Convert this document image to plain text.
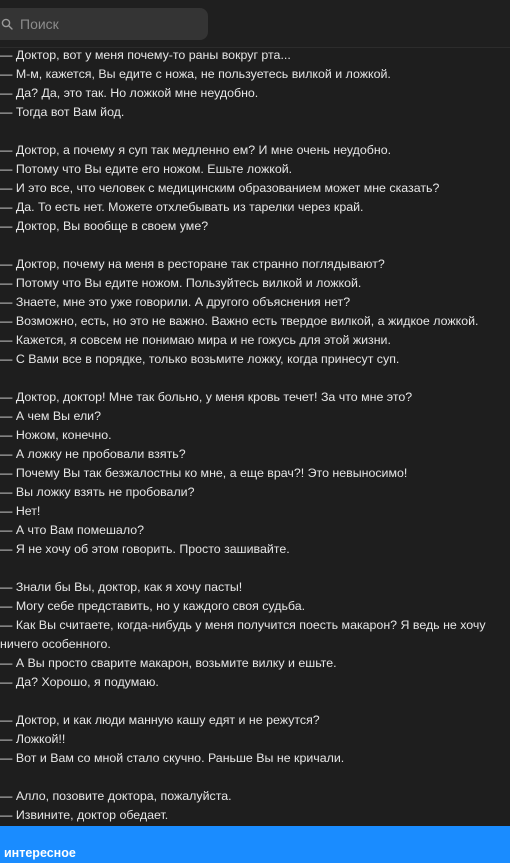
Поиск
— Доктор, вот у меня почему-то раны вокруг рта...
— М-м, кажется, Вы едите с ножа, не пользуетесь вилкой и ложкой.
— Да? Да, это так. Но ложкой мне неудобно.
— Тогда вот Вам йод.
— Доктор, а почему я суп так медленно ем? И мне очень неудобно.
— Потому что Вы едите его ножом. Ешьте ложкой.
— И это все, что человек с медицинским образованием может мне сказать?
— Да. То есть нет. Можете отхлебывать из тарелки через край.
— Доктор, Вы вообще в своем уме?
— Доктор, почему на меня в ресторане так странно поглядывают?
— Потому что Вы едите ножом. Пользуйтесь вилкой и ложкой.
— Знаете, мне это уже говорили. А другого объяснения нет?
— Возможно, есть, но это не важно. Важно есть твердое вилкой, а жидкое ложкой.
— Кажется, я совсем не понимаю мира и не гожусь для этой жизни.
— С Вами все в порядке, только возьмите ложку, когда принесут суп.
— Доктор, доктор! Мне так больно, у меня кровь течет! За что мне это?
— А чем Вы ели?
— Ножом, конечно.
— А ложку не пробовали взять?
— Почему Вы так безжалостны ко мне, а еще врач?! Это невыносимо!
— Вы ложку взять не пробовали?
— Нет!
— А что Вам помешало?
— Я не хочу об этом говорить. Просто зашивайте.
— Знали бы Вы, доктор, как я хочу пасты!
— Могу себе представить, но у каждого своя судьба.
— Как Вы считаете, когда-нибудь у меня получится поесть макарон? Я ведь не хочу
ничего особенного.
— А Вы просто сварите макарон, возьмите вилку и ешьте.
— Да? Хорошо, я подумаю.
— Доктор, и как люди манную кашу едят и не режутся?
— Ложкой!!
— Вот и Вам со мной стало скучно. Раньше Вы не кричали.
— Алло, позовите доктора, пожалуйста.
— Извините, доктор обедает.
интересное
